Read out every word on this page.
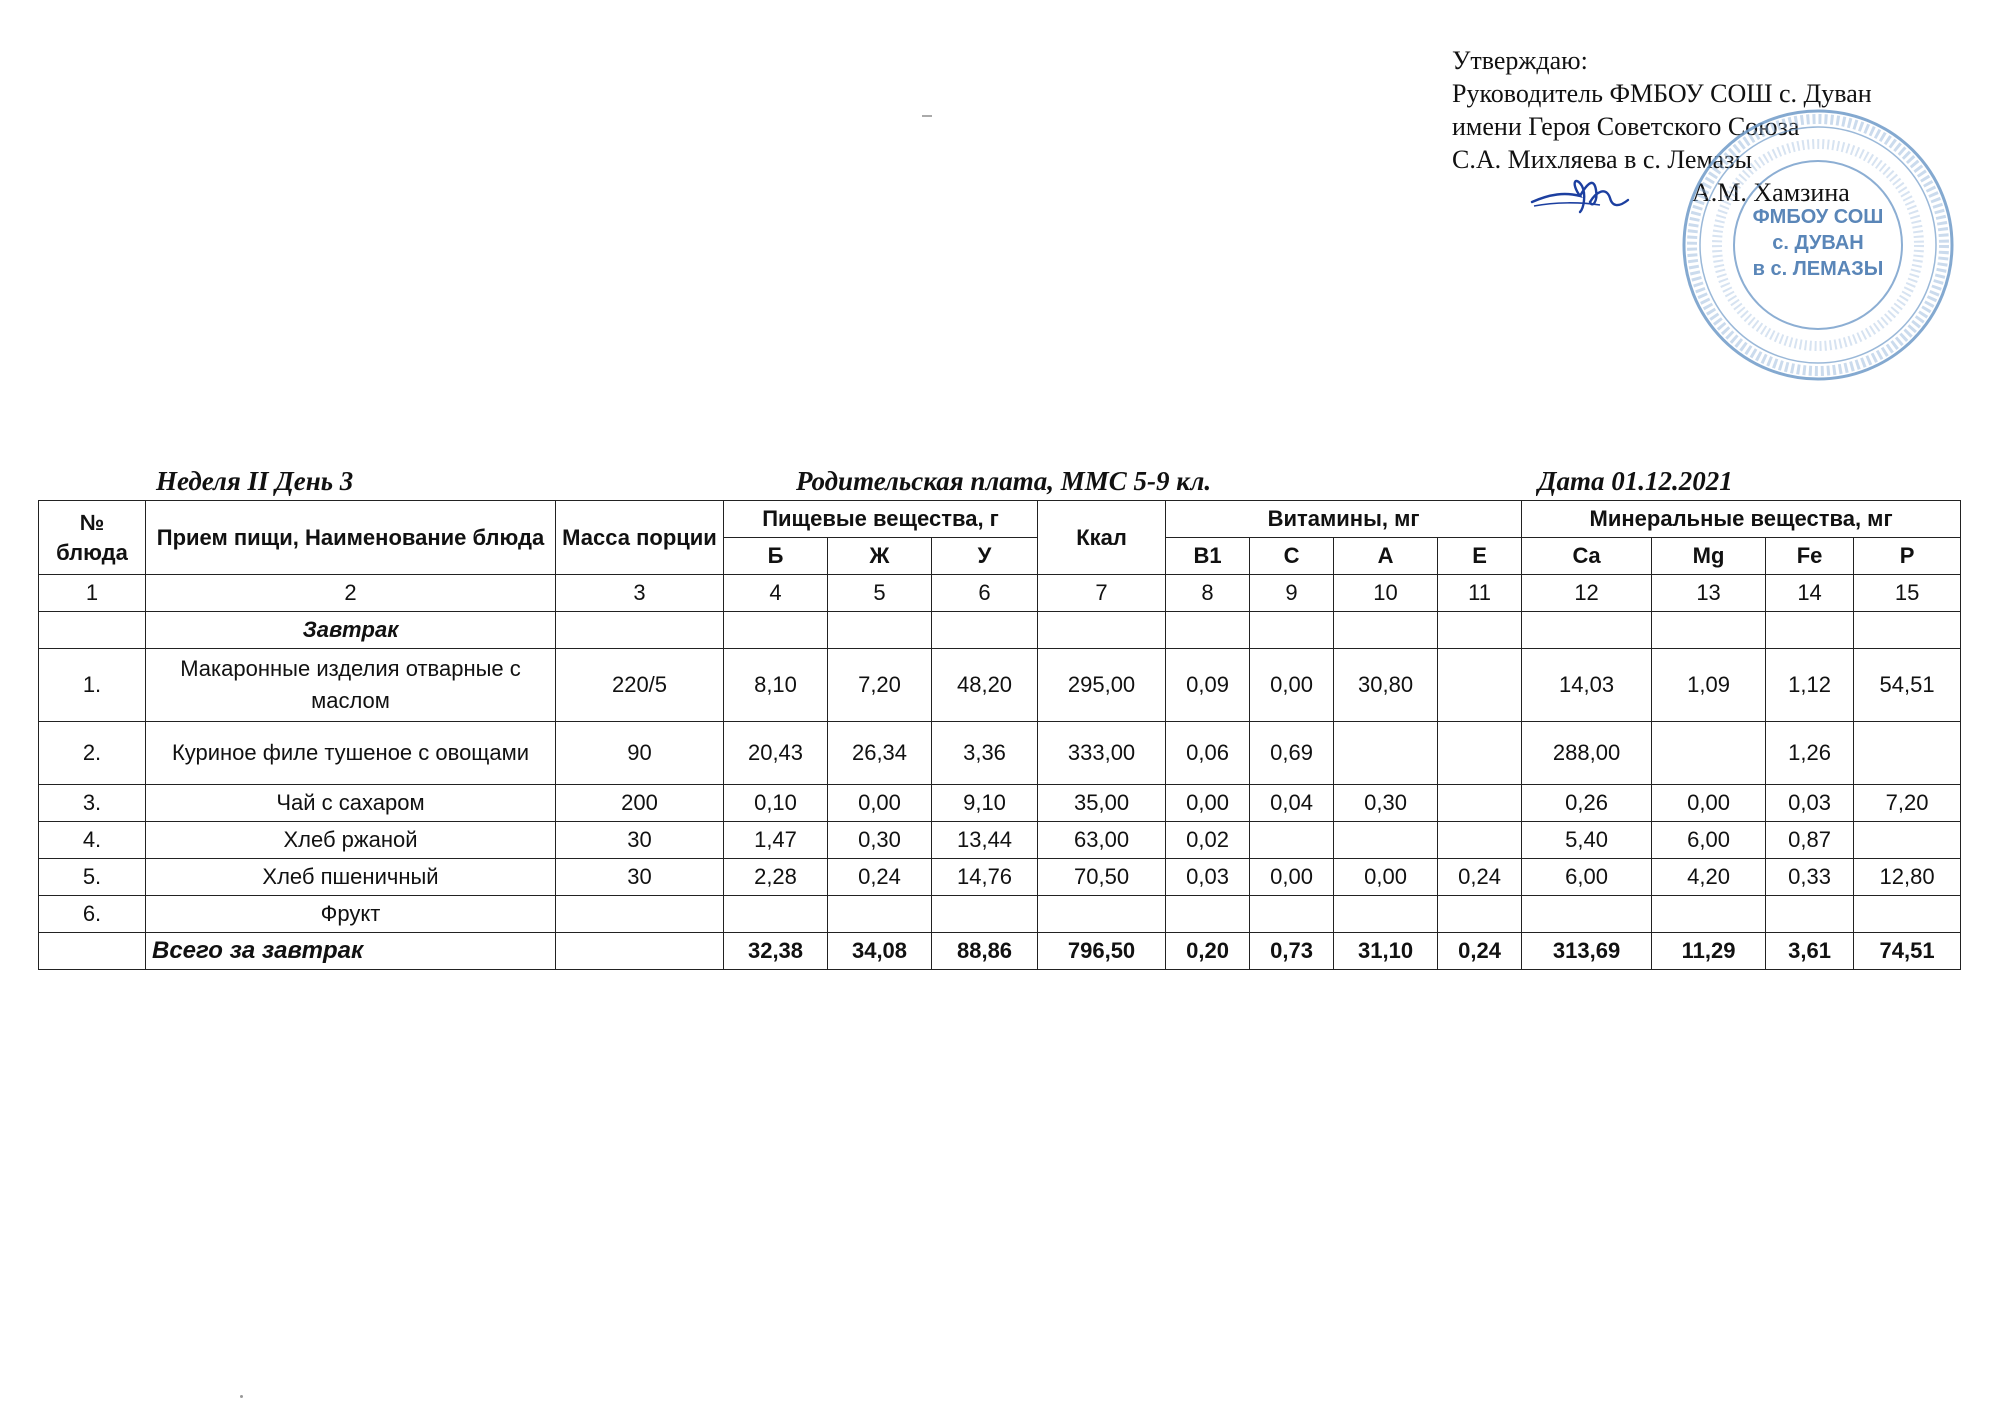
Утверждаю:
Руководитель ФМБОУ СОШ с. Дуван
имени Героя Советского Союза
С.А. Михляева в с. Лемазы
А.М. Хамзина
ФМБОУ СОШ
с. ДУВАН
в с. ЛЕМАЗЫ
Неделя II День 3	Родительская плата, ММС 5-9 кл.	Дата 01.12.2021
№ блюда	Прием пищи, Наименование блюда	Масса порции	Пищевые вещества, г			Ккал	Витамины, мг				Минеральные вещества, мг			
			Б	Ж	У		В1	С	А	Е	Ca	Mg	Fe	P
1	2	3	4	5	6	7	8	9	10	11	12	13	14	15
	Завтрак													
1.	Макаронные изделия отварные с маслом	220/5	8,10	7,20	48,20	295,00	0,09	0,00	30,80		14,03	1,09	1,12	54,51
2.	Куриное филе тушеное с овощами	90	20,43	26,34	3,36	333,00	0,06	0,69			288,00		1,26	
3.	Чай с сахаром	200	0,10	0,00	9,10	35,00	0,00	0,04	0,30		0,26	0,00	0,03	7,20
4.	Хлеб ржаной	30	1,47	0,30	13,44	63,00	0,02				5,40	6,00	0,87	
5.	Хлеб пшеничный	30	2,28	0,24	14,76	70,50	0,03	0,00	0,00	0,24	6,00	4,20	0,33	12,80
6.	Фрукт													
	Всего за завтрак		32,38	34,08	88,86	796,50	0,20	0,73	31,10	0,24	313,69	11,29	3,61	74,51
